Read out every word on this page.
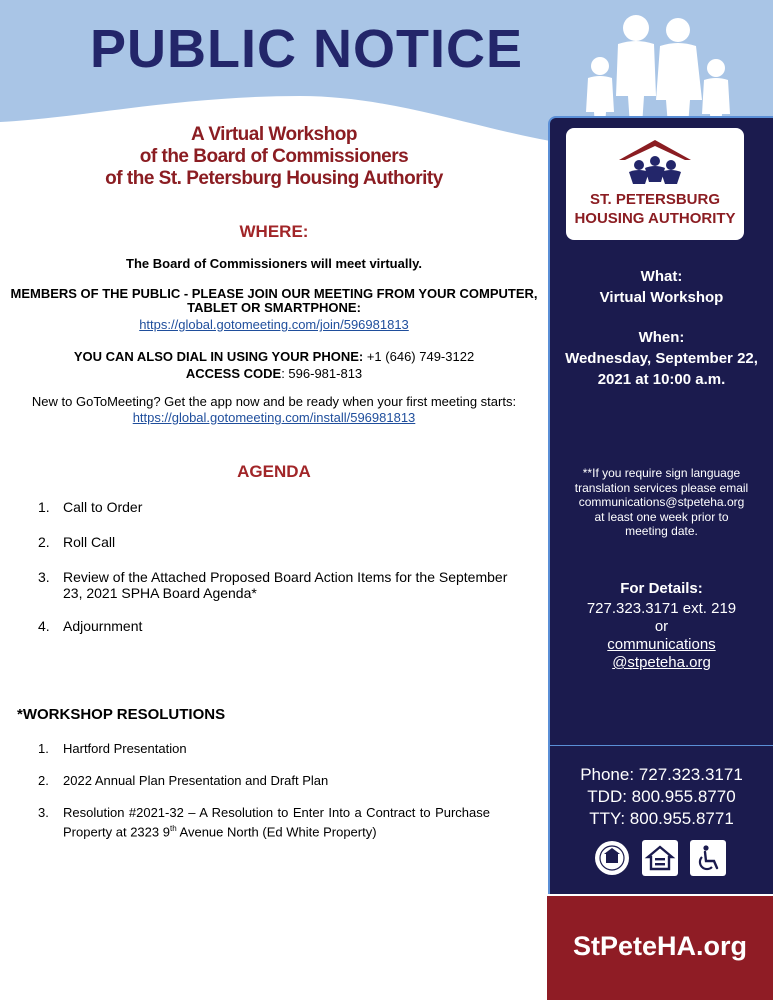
PUBLIC NOTICE
A Virtual Workshop
of the Board of Commissioners
of the St. Petersburg Housing Authority
WHERE:
The Board of Commissioners will meet virtually.
MEMBERS OF THE PUBLIC - PLEASE JOIN OUR MEETING FROM YOUR COMPUTER,
TABLET OR SMARTPHONE:
https://global.gotomeeting.com/join/596981813
YOU CAN ALSO DIAL IN USING YOUR PHONE: +1 (646) 749-3122
ACCESS CODE: 596-981-813
New to GoToMeeting? Get the app now and be ready when your first meeting starts:
https://global.gotomeeting.com/install/596981813
AGENDA
1. Call to Order
2. Roll Call
3. Review of the Attached Proposed Board Action Items for the September 23, 2021 SPHA Board Agenda*
4. Adjournment
*WORKSHOP RESOLUTIONS
1. Hartford Presentation
2. 2022 Annual Plan Presentation and Draft Plan
3. Resolution #2021-32 – A Resolution to Enter Into a Contract to Purchase Property at 2323 9th Avenue North (Ed White Property)
ST. PETERSBURG
HOUSING AUTHORITY
What:
Virtual Workshop
When:
Wednesday, September 22,
2021 at 10:00 a.m.
**If you require sign language
translation services please email
communications@stpeteha.org
at least one week prior to
meeting date.
For Details:
727.323.3171 ext. 219
or
communications
@stpeteha.org
Phone: 727.323.3171
TDD: 800.955.8770
TTY: 800.955.8771
StPeteHA.org
